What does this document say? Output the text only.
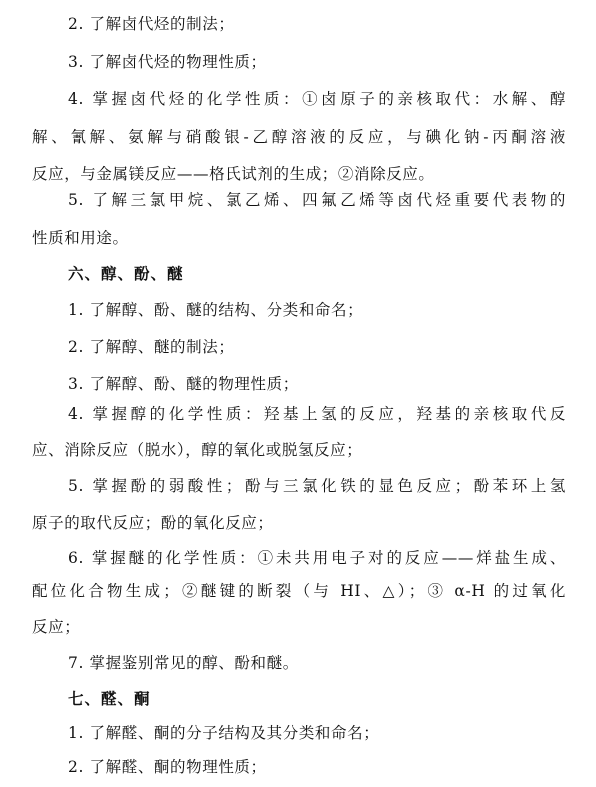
2. 了解卤代烃的制法；
3. 了解卤代烃的物理性质；
4. 掌握卤代烃的化学性质：①卤原子的亲核取代：水解、醇
解、氰解、氨解与硝酸银-乙醇溶液的反应，与碘化钠-丙酮溶液
反应，与金属镁反应——格氏试剂的生成；②消除反应。
5. 了解三氯甲烷、氯乙烯、四氟乙烯等卤代烃重要代表物的
性质和用途。
六、醇、酚、醚
1. 了解醇、酚、醚的结构、分类和命名；
2. 了解醇、醚的制法；
3. 了解醇、酚、醚的物理性质；
4. 掌握醇的化学性质：羟基上氢的反应，羟基的亲核取代反
应、消除反应（脱水），醇的氧化或脱氢反应；
5. 掌握酚的弱酸性；酚与三氯化铁的显色反应；酚苯环上氢
原子的取代反应；酚的氧化反应；
6. 掌握醚的化学性质：①未共用电子对的反应——烊盐生成、
配位化合物生成；②醚键的断裂（与 HI、△）；③ α-H 的过氧化
反应；
7. 掌握鉴别常见的醇、酚和醚。
七、醛、酮
1. 了解醛、酮的分子结构及其分类和命名；
2. 了解醛、酮的物理性质；
